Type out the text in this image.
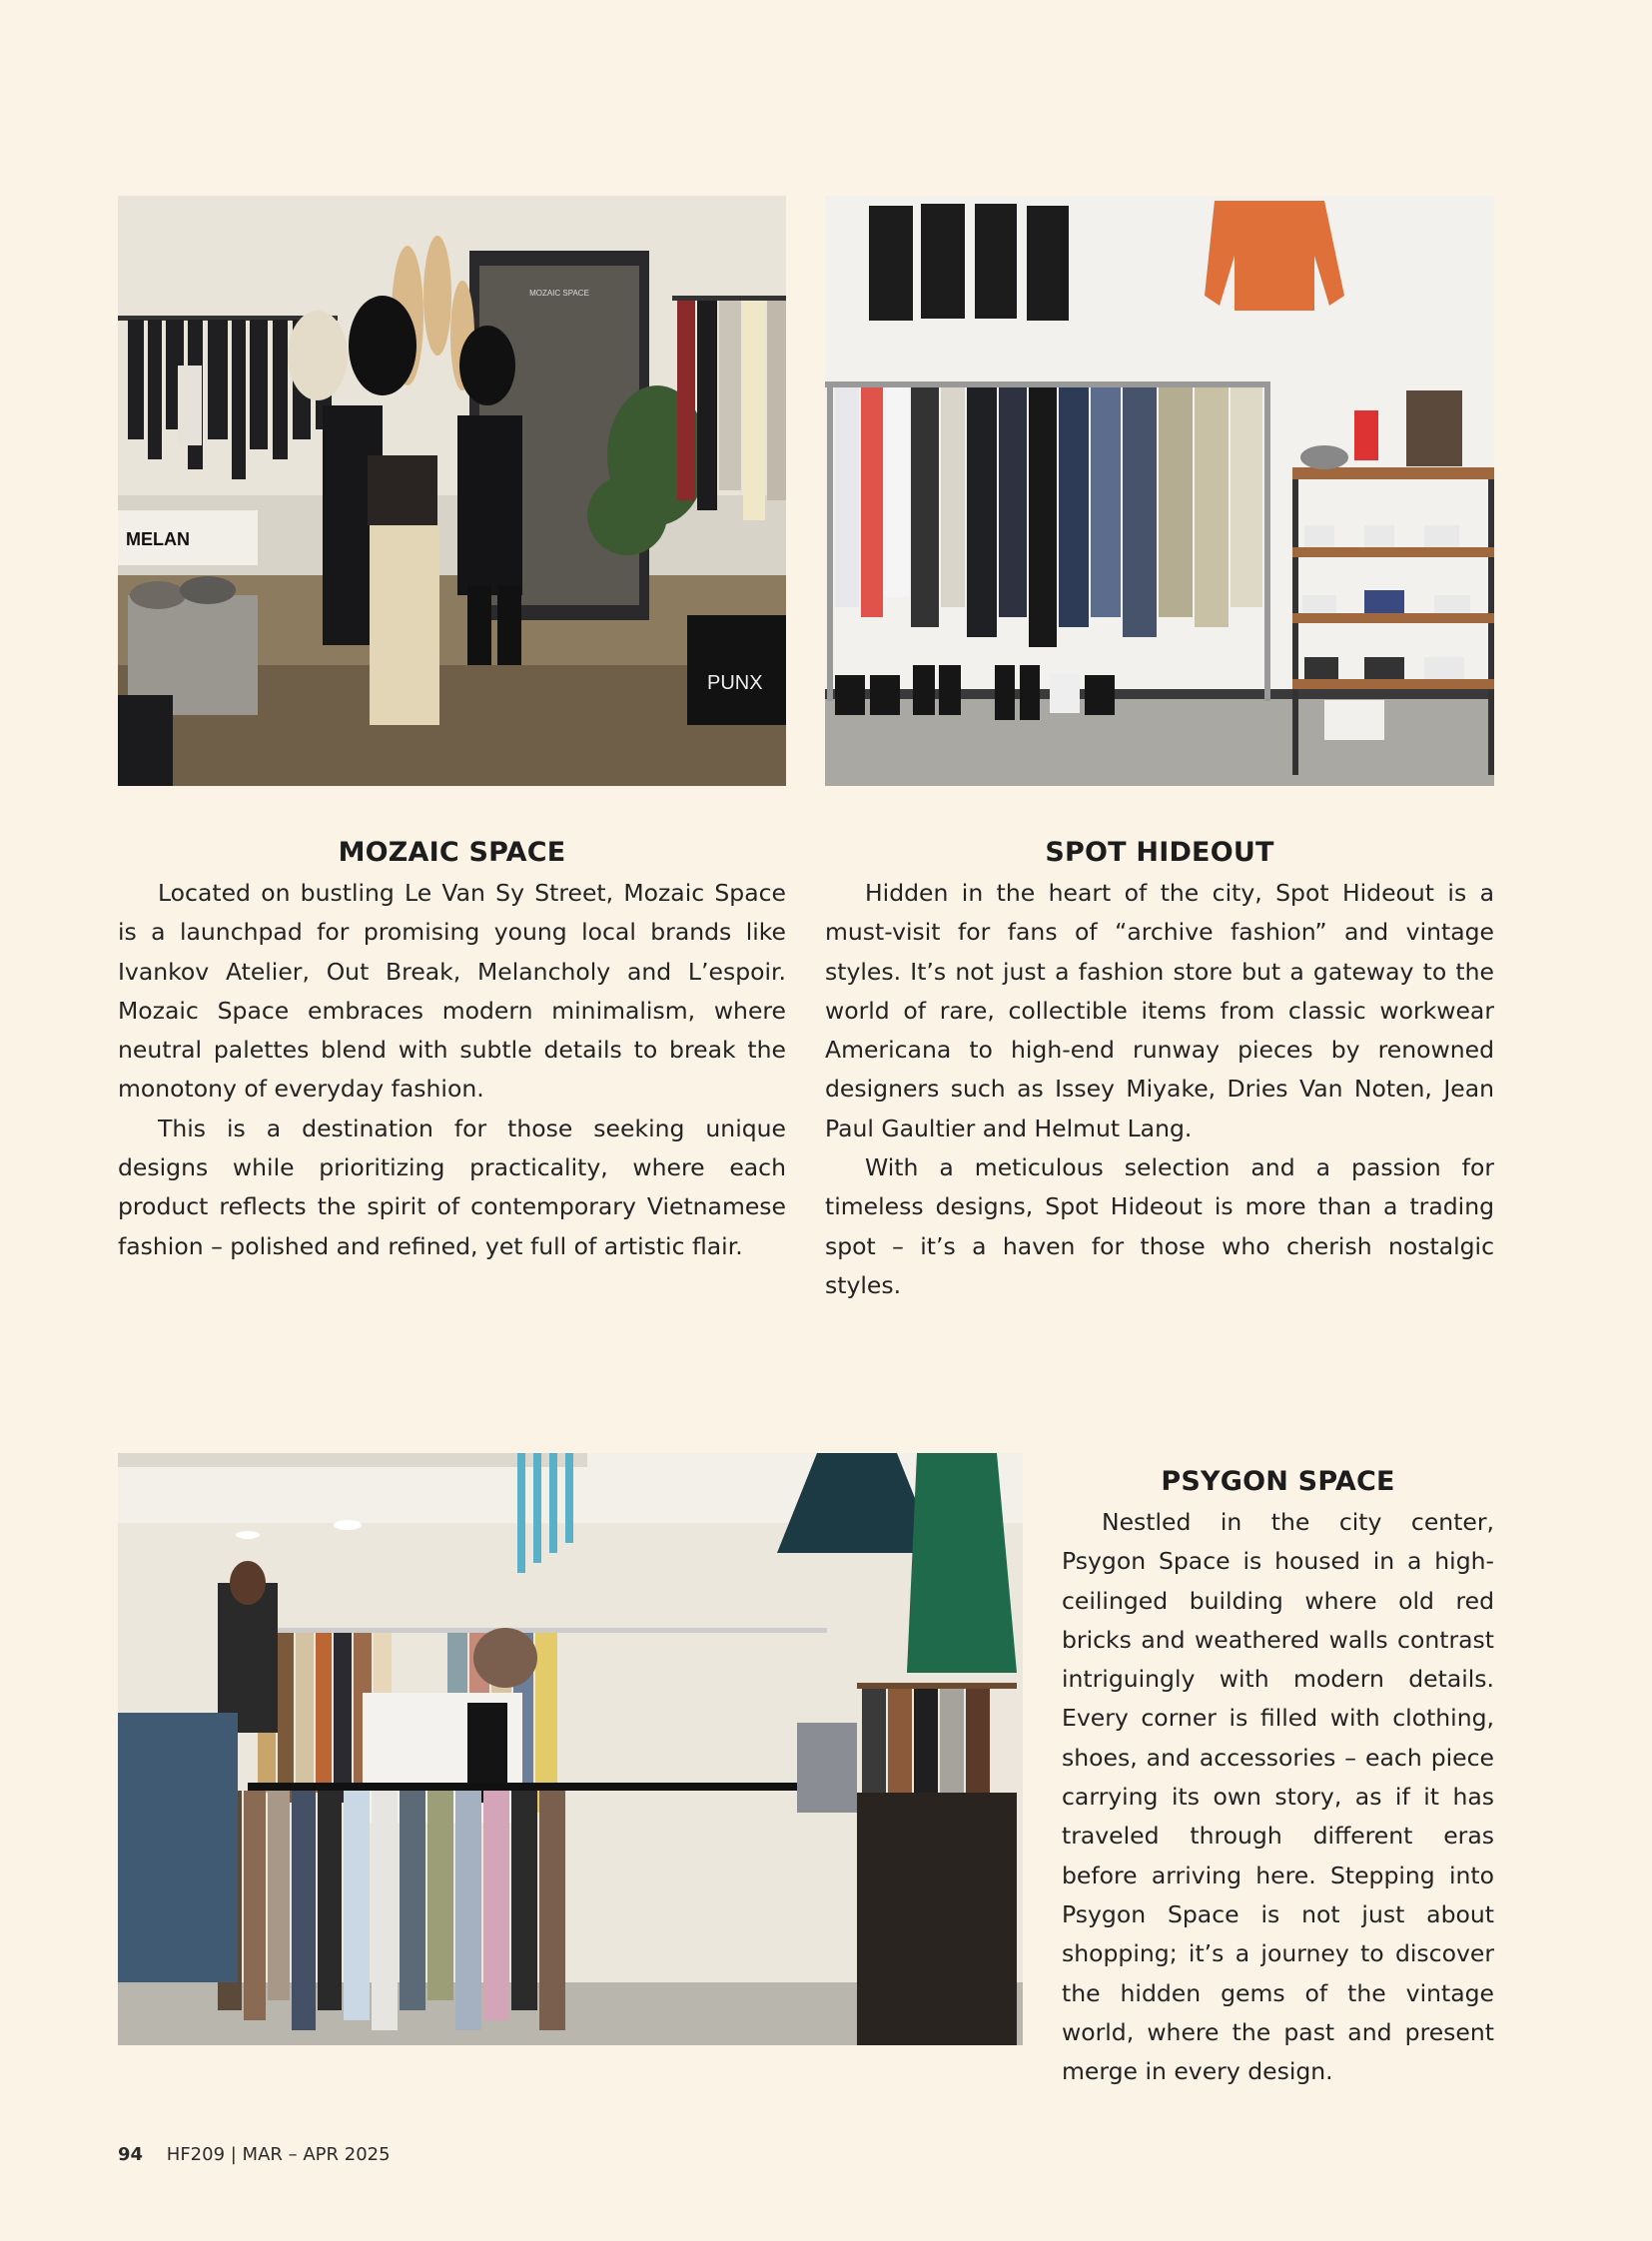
MOZAIC SPACE
MELAN
PUNX
MOZAIC SPACE

Located on bustling Le Van Sy Street, Mozaic Space is a launchpad for promising young local brands like Ivankov Atelier, Out Break, Melancholy and L’espoir. Mozaic Space embraces modern minimalism, where neutral palettes blend with subtle details to break the monotony of everyday fashion.

This is a destination for those seeking unique designs while prioritizing practicality, where each product reflects the spirit of contemporary Vietnamese fashion – polished and refined, yet full of artistic flair.

SPOT HIDEOUT

Hidden in the heart of the city, Spot Hideout is a must-visit for fans of “archive fashion” and vintage styles. It’s not just a fashion store but a gateway to the world of rare, collectible items from classic workwear Americana to high-end runway pieces by renowned designers such as Issey Miyake, Dries Van Noten, Jean Paul Gaultier and Helmut Lang.

With a meticulous selection and a passion for timeless designs, Spot Hideout is more than a trading spot – it’s a haven for those who cherish nostalgic styles.

PSYGON SPACE

Nestled in the city center, Psygon Space is housed in a high-ceilinged building where old red bricks and weathered walls contrast intriguingly with modern details. Every corner is filled with clothing, shoes, and accessories – each piece carrying its own story, as if it has traveled through different eras before arriving here. Stepping into Psygon Space is not just about shopping; it’s a journey to discover the hidden gems of the vintage world, where the past and present merge in every design.

94 HF209 | MAR – APR 2025
